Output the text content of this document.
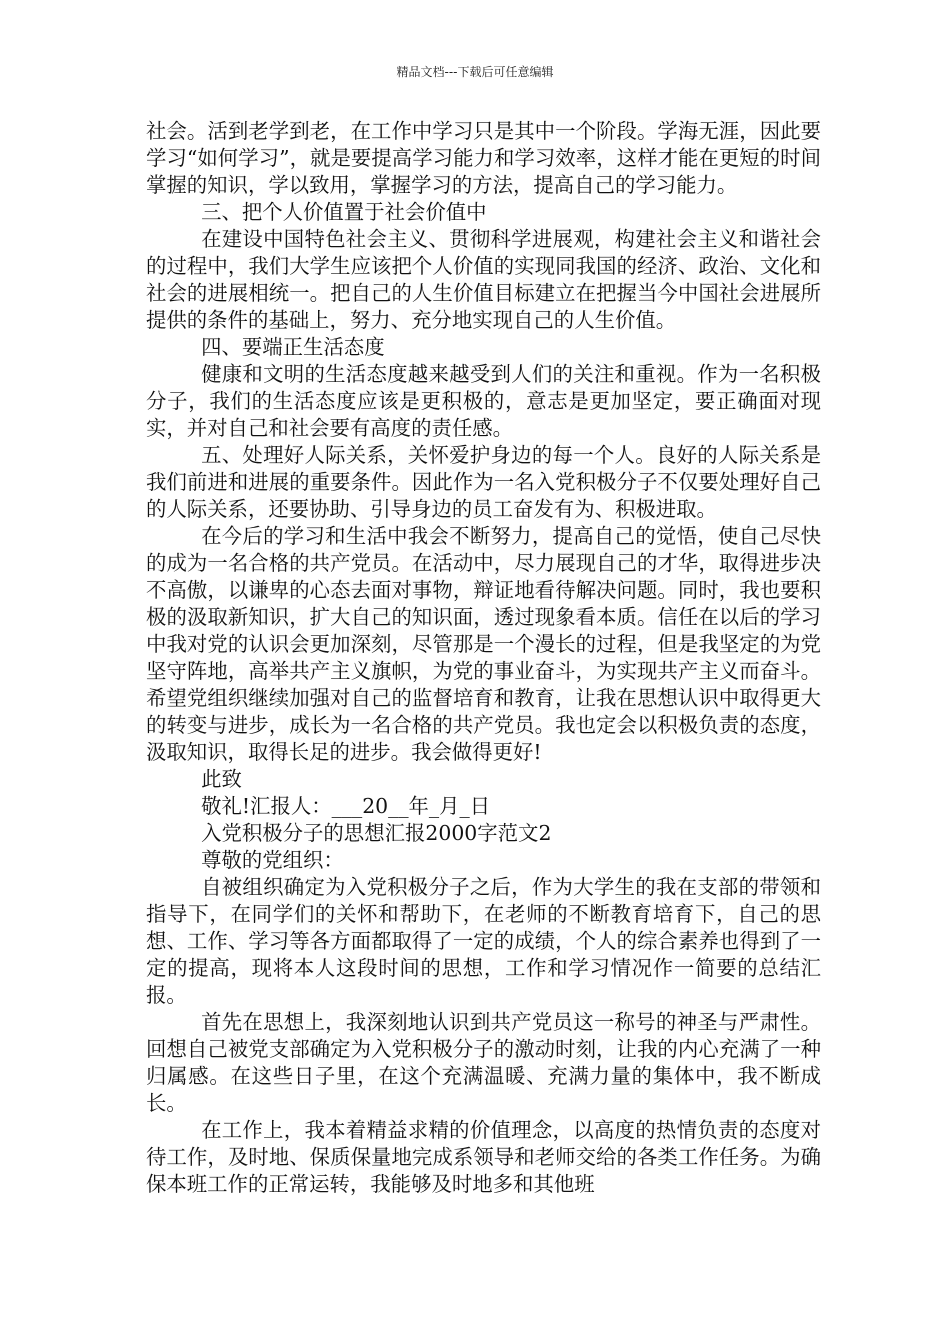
精品文档---下载后可任意编辑

社会。活到老学到老，在工作中学习只是其中一个阶段。学海无涯，因此要学习“如何学习”，就是要提高学习能力和学习效率，这样才能在更短的时间掌握的知识，学以致用，掌握学习的方法，提高自己的学习能力。

三、把个人价值置于社会价值中

在建设中国特色社会主义、贯彻科学进展观，构建社会主义和谐社会的过程中，我们大学生应该把个人价值的实现同我国的经济、政治、文化和社会的进展相统一。把自己的人生价值目标建立在把握当今中国社会进展所提供的条件的基础上，努力、充分地实现自己的人生价值。

四、要端正生活态度

健康和文明的生活态度越来越受到人们的关注和重视。作为一名积极分子，我们的生活态度应该是更积极的，意志是更加坚定，要正确面对现实，并对自己和社会要有高度的责任感。

五、处理好人际关系，关怀爱护身边的每一个人。良好的人际关系是我们前进和进展的重要条件。因此作为一名入党积极分子不仅要处理好自己的人际关系，还要协助、引导身边的员工奋发有为、积极进取。

在今后的学习和生活中我会不断努力，提高自己的觉悟，使自己尽快的成为一名合格的共产党员。在活动中，尽力展现自己的才华，取得进步决不高傲，以谦卑的心态去面对事物，辩证地看待解决问题。同时，我也要积极的汲取新知识，扩大自己的知识面，透过现象看本质。信任在以后的学习中我对党的认识会更加深刻，尽管那是一个漫长的过程，但是我坚定的为党坚守阵地，高举共产主义旗帜，为党的事业奋斗，为实现共产主义而奋斗。希望党组织继续加强对自己的监督培育和教育，让我在思想认识中取得更大的转变与进步，成长为一名合格的共产党员。我也定会以积极负责的态度，汲取知识，取得长足的进步。我会做得更好!

此致

敬礼!汇报人：___20__年_月_日

入党积极分子的思想汇报2000字范文2

尊敬的党组织：

自被组织确定为入党积极分子之后，作为大学生的我在支部的带领和指导下，在同学们的关怀和帮助下，在老师的不断教育培育下，自己的思想、工作、学习等各方面都取得了一定的成绩，个人的综合素养也得到了一定的提高，现将本人这段时间的思想，工作和学习情况作一简要的总结汇报。

首先在思想上，我深刻地认识到共产党员这一称号的神圣与严肃性。回想自己被党支部确定为入党积极分子的激动时刻，让我的内心充满了一种归属感。在这些日子里，在这个充满温暖、充满力量的集体中，我不断成长。

在工作上，我本着精益求精的价值理念，以高度的热情负责的态度对待工作，及时地、保质保量地完成系领导和老师交给的各类工作任务。为确保本班工作的正常运转，我能够及时地多和其他班
